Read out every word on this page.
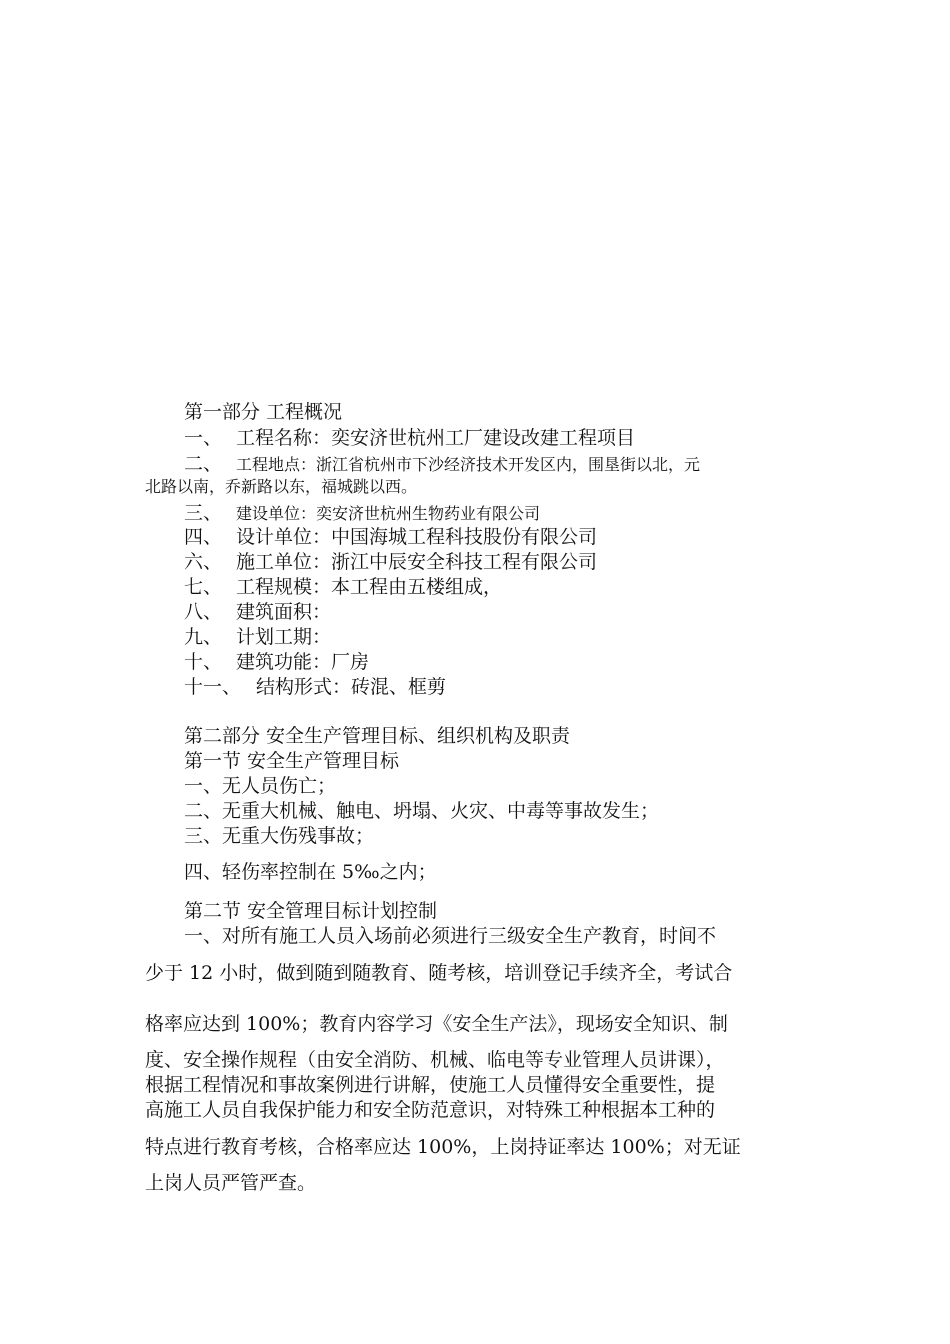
第一部分 工程概况
一、 工程名称：奕安济世杭州工厂建设改建工程项目
二、 工程地点：浙江省杭州市下沙经济技术开发区内，围垦街以北，元
北路以南，乔新路以东，福城跳以西。
三、 建设单位：奕安济世杭州生物药业有限公司
四、 设计单位：中国海城工程科技股份有限公司
六、 施工单位：浙江中辰安全科技工程有限公司
七、 工程规模：本工程由五楼组成，
八、 建筑面积：
九、 计划工期：
十、 建筑功能：厂房
十一、 结构形式：砖混、框剪
第二部分 安全生产管理目标、组织机构及职责
第一节 安全生产管理目标
一、无人员伤亡；
二、无重大机械、触电、坍塌、火灾、中毒等事故发生；
三、无重大伤残事故；
四、轻伤率控制在 5‰之内；
第二节 安全管理目标计划控制
一、对所有施工人员入场前必须进行三级安全生产教育，时间不
少于 12 小时，做到随到随教育、随考核，培训登记手续齐全，考试合
格率应达到 100%；教育内容学习《安全生产法》，现场安全知识、制
度、安全操作规程（由安全消防、机械、临电等专业管理人员讲课），
根据工程情况和事故案例进行讲解，使施工人员懂得安全重要性，提
高施工人员自我保护能力和安全防范意识，对特殊工种根据本工种的
特点进行教育考核，合格率应达 100%，上岗持证率达 100%；对无证
上岗人员严管严查。
